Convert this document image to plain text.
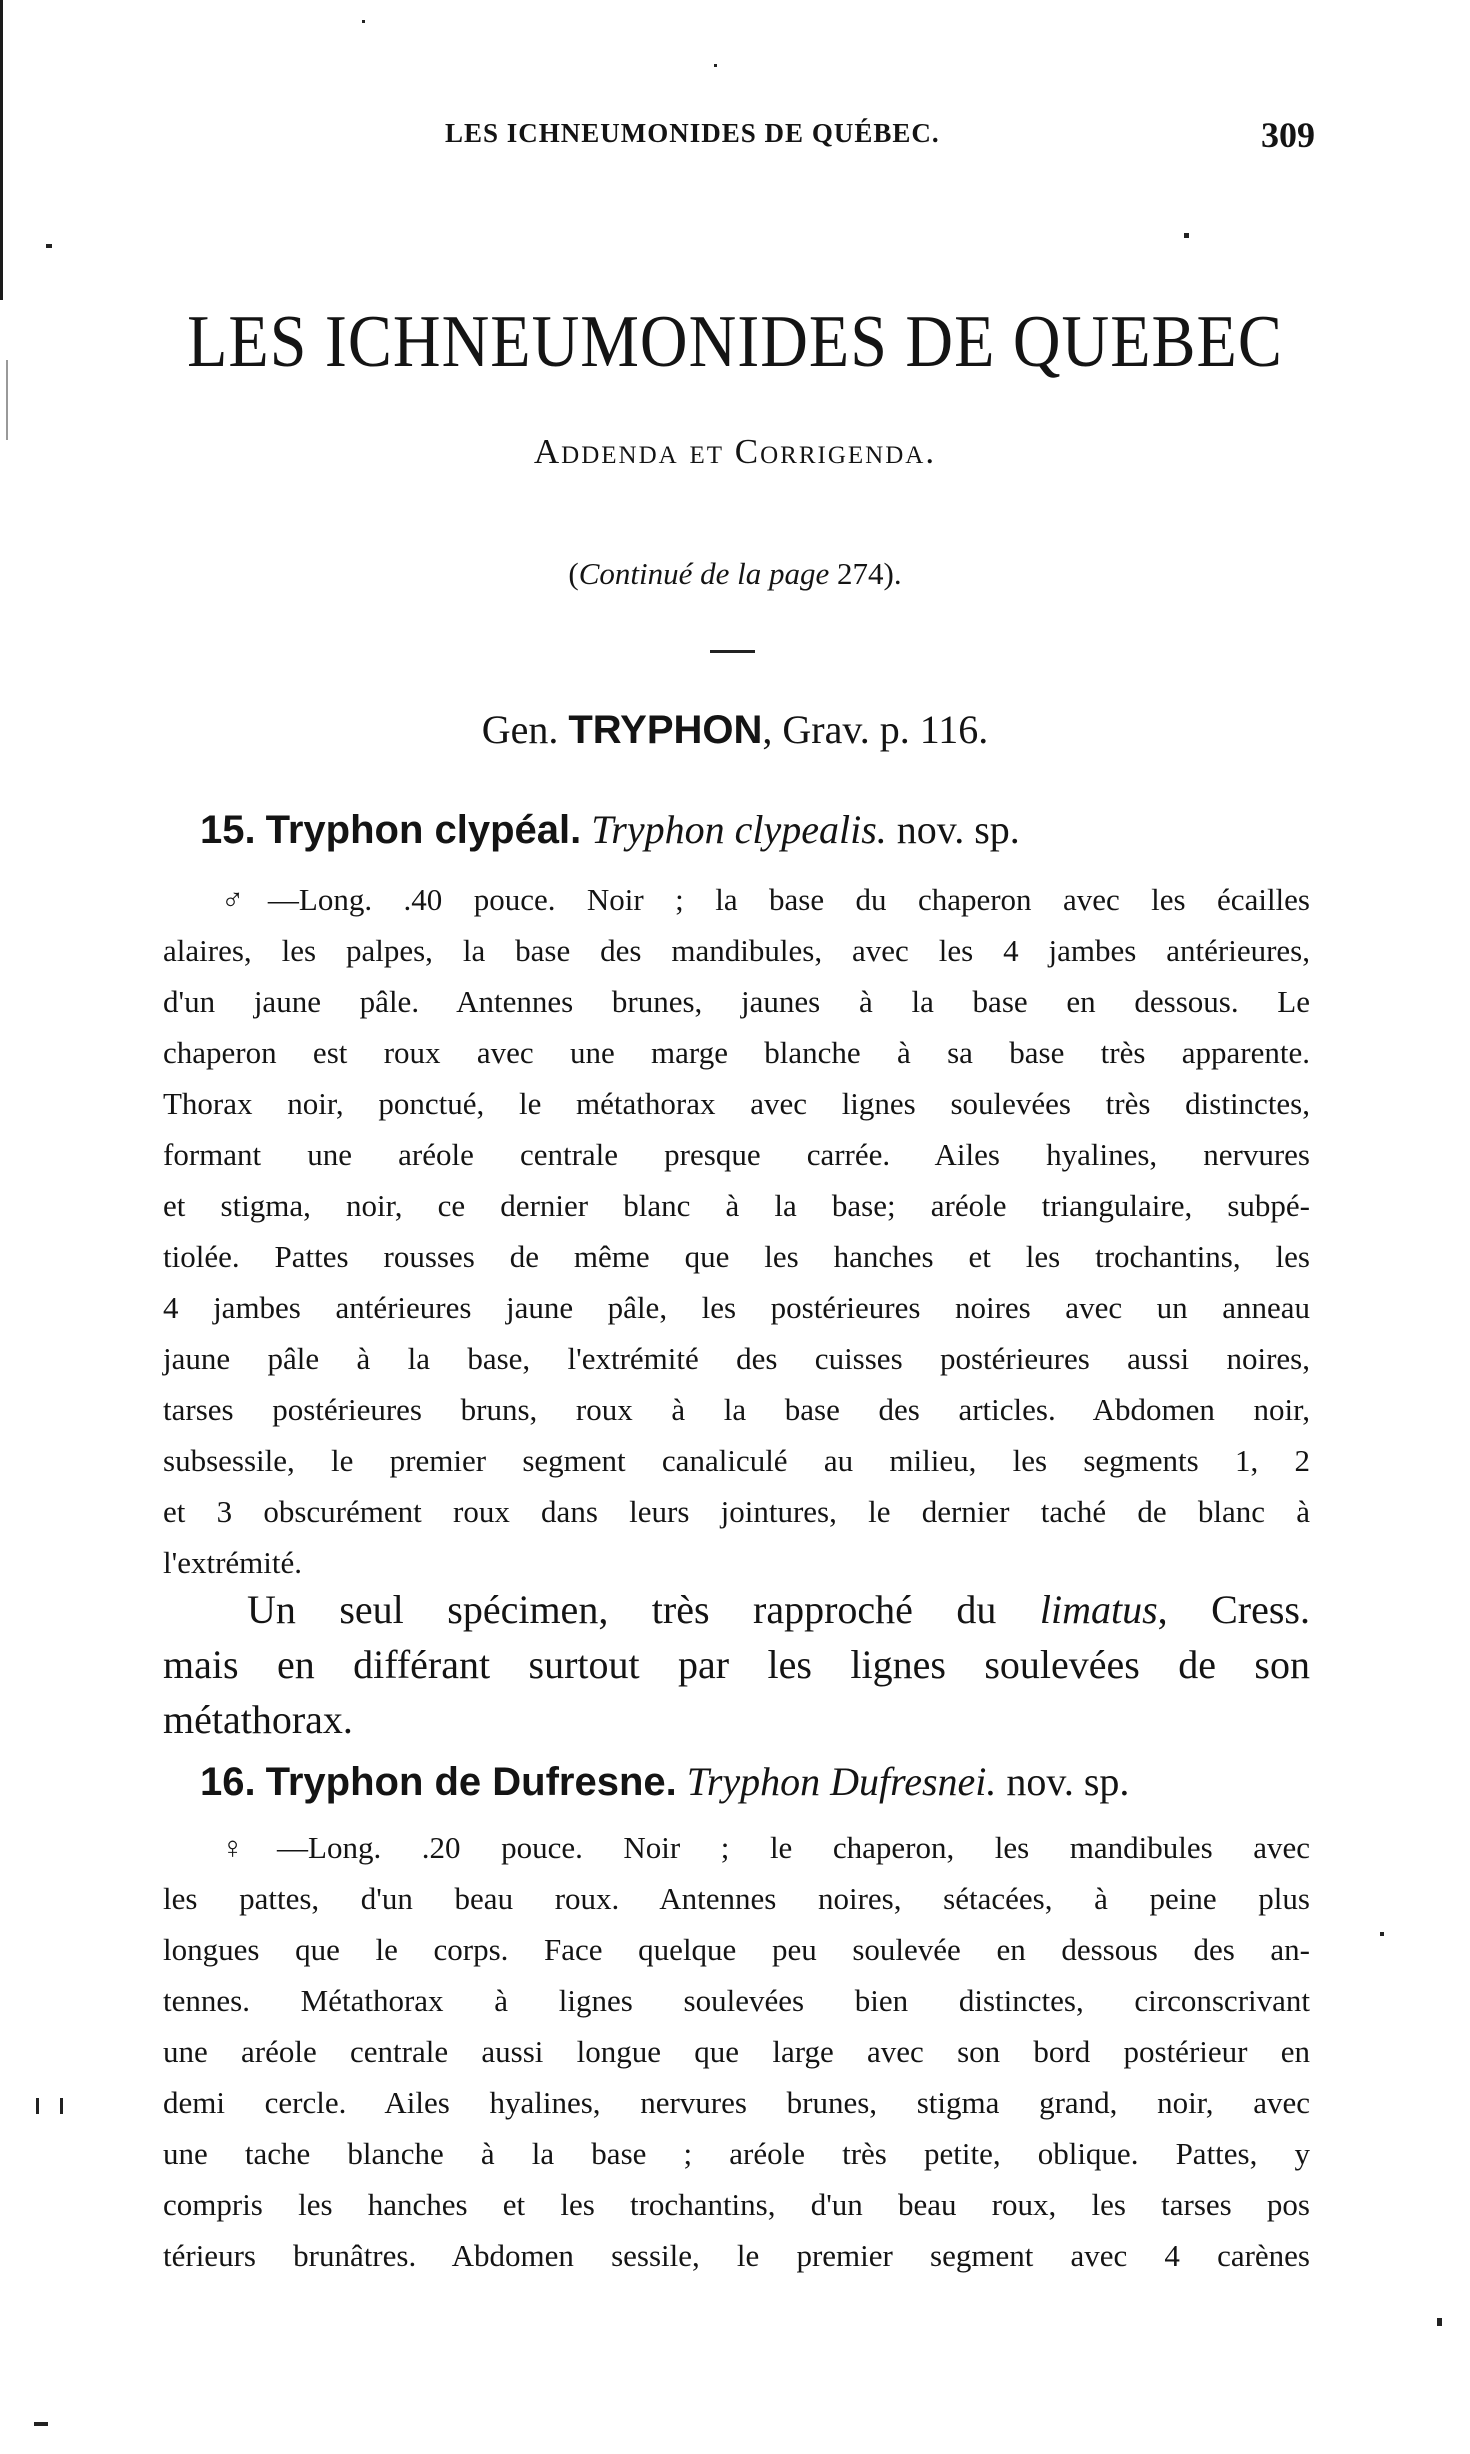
LES ICHNEUMONIDES DE QUÉBEC.	309
LES ICHNEUMONIDES DE QUEBEC
Addenda et Corrigenda.
(Continué de la page 274).
Gen. TRYPHON, Grav. p. 116.
15. Tryphon clypéal. Tryphon clypealis. nov. sp.
♂—Long. .40 pouce. Noir ; la base du chaperon avec les écailles
alaires, les palpes, la base des mandibules, avec les 4 jambes antérieures,
d'un jaune pâle. Antennes brunes, jaunes à la base en dessous. Le
chaperon est roux avec une marge blanche à sa base très apparente.
Thorax noir, ponctué, le métathorax avec lignes soulevées très distinctes,
formant une aréole centrale presque carrée. Ailes hyalines, nervures
et stigma, noir, ce dernier blanc à la base; aréole triangulaire, subpé-
tiolée. Pattes rousses de même que les hanches et les trochantins, les
4 jambes antérieures jaune pâle, les postérieures noires avec un anneau
jaune pâle à la base, l'extrémité des cuisses postérieures aussi noires,
tarses postérieures bruns, roux à la base des articles. Abdomen noir,
subsessile, le premier segment canaliculé au milieu, les segments 1, 2
et 3 obscurément roux dans leurs jointures, le dernier taché de blanc à
l'extrémité.
Un seul spécimen, très rapproché du limatus, Cress.
mais en différant surtout par les lignes soulevées de son
métathorax.
16. Tryphon de Dufresne. Tryphon Dufresnei. nov. sp.
♀—Long. .20 pouce. Noir ; le chaperon, les mandibules avec
les pattes, d'un beau roux. Antennes noires, sétacées, à peine plus
longues que le corps. Face quelque peu soulevée en dessous des an-
tennes. Métathorax à lignes soulevées bien distinctes, circonscrivant
une aréole centrale aussi longue que large avec son bord postérieur en
demi cercle. Ailes hyalines, nervures brunes, stigma grand, noir, avec
une tache blanche à la base ; aréole très petite, oblique. Pattes, y
compris les hanches et les trochantins, d'un beau roux, les tarses pos
térieurs brunâtres. Abdomen sessile, le premier segment avec 4 carènes
